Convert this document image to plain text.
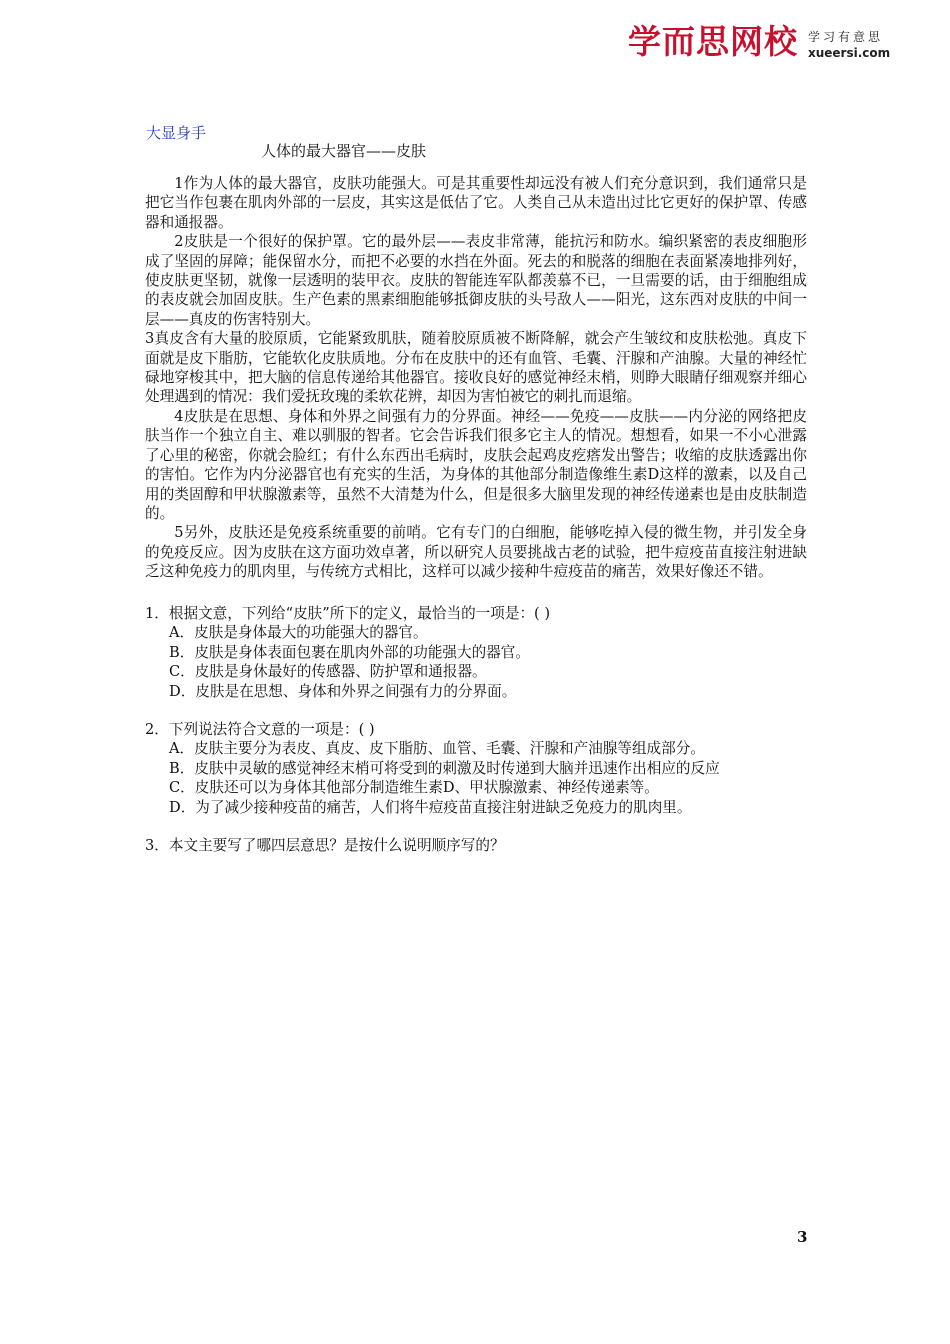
学而思网校 学习有意思
xueersi.com
大显身手
人体的最大器官——皮肤

1作为人体的最大器官，皮肤功能强大。可是其重要性却远没有被人们充分意识到，我们通常只是把它当作包裹在肌肉外部的一层皮，其实这是低估了它。人类自己从未造出过比它更好的保护罩、传感器和通报器。

2皮肤是一个很好的保护罩。它的最外层——表皮非常薄，能抗污和防水。编织紧密的表皮细胞形成了坚固的屏障；能保留水分，而把不必要的水挡在外面。死去的和脱落的细胞在表面紧凑地排列好，使皮肤更坚韧，就像一层透明的装甲衣。皮肤的智能连军队都羡慕不已，一旦需要的话，由于细胞组成的表皮就会加固皮肤。生产色素的黑素细胞能够抵御皮肤的头号敌人——阳光，这东西对皮肤的中间一层——真皮的伤害特别大。

3真皮含有大量的胶原质，它能紧致肌肤，随着胶原质被不断降解，就会产生皱纹和皮肤松弛。真皮下面就是皮下脂肪，它能软化皮肤质地。分布在皮肤中的还有血管、毛囊、汗腺和产油腺。大量的神经忙碌地穿梭其中，把大脑的信息传递给其他器官。接收良好的感觉神经末梢，则睁大眼睛仔细观察并细心处理遇到的情况：我们爱抚玫瑰的柔软花辨，却因为害怕被它的刺扎而退缩。

4皮肤是在思想、身体和外界之间强有力的分界面。神经——免疫——皮肤——内分泌的网络把皮肤当作一个独立自主、难以驯服的智者。它会告诉我们很多它主人的情况。想想看，如果一不小心泄露了心里的秘密，你就会脸红；有什么东西出毛病时，皮肤会起鸡皮疙瘩发出警告；收缩的皮肤透露出你的害怕。它作为内分泌器官也有充实的生活，为身体的其他部分制造像维生素D这样的激素，以及自己用的类固醇和甲状腺激素等，虽然不大清楚为什么，但是很多大脑里发现的神经传递素也是由皮肤制造的。

5另外，皮肤还是免疫系统重要的前哨。它有专门的白细胞，能够吃掉入侵的微生物，并引发全身的免疫反应。因为皮肤在这方面功效卓著，所以研究人员要挑战古老的试验，把牛痘疫苗直接注射进缺乏这种免疫力的肌肉里，与传统方式相比，这样可以减少接种牛痘疫苗的痛苦，效果好像还不错。

1．根据文意，下列给“皮肤”所下的定义，最恰当的一项是：( )

A．皮肤是身体最大的功能强大的器官。

B．皮肤是身体表面包裹在肌肉外部的功能强大的器官。

C．皮肤是身休最好的传感器、防护罩和通报器。

D．皮肤是在思想、身体和外界之间强有力的分界面。

2．下列说法符合文意的一项是：( )

A．皮肤主要分为表皮、真皮、皮下脂肪、血管、毛囊、汗腺和产油腺等组成部分。

B．皮肤中灵敏的感觉神经末梢可将受到的刺激及时传递到大脑并迅速作出相应的反应

C．皮肤还可以为身体其他部分制造维生素D、甲状腺激素、神经传递素等。

D．为了减少接种疫苗的痛苦，人们将牛痘疫苗直接注射进缺乏免疫力的肌肉里。

3．本文主要写了哪四层意思？是按什么说明顺序写的？

3
